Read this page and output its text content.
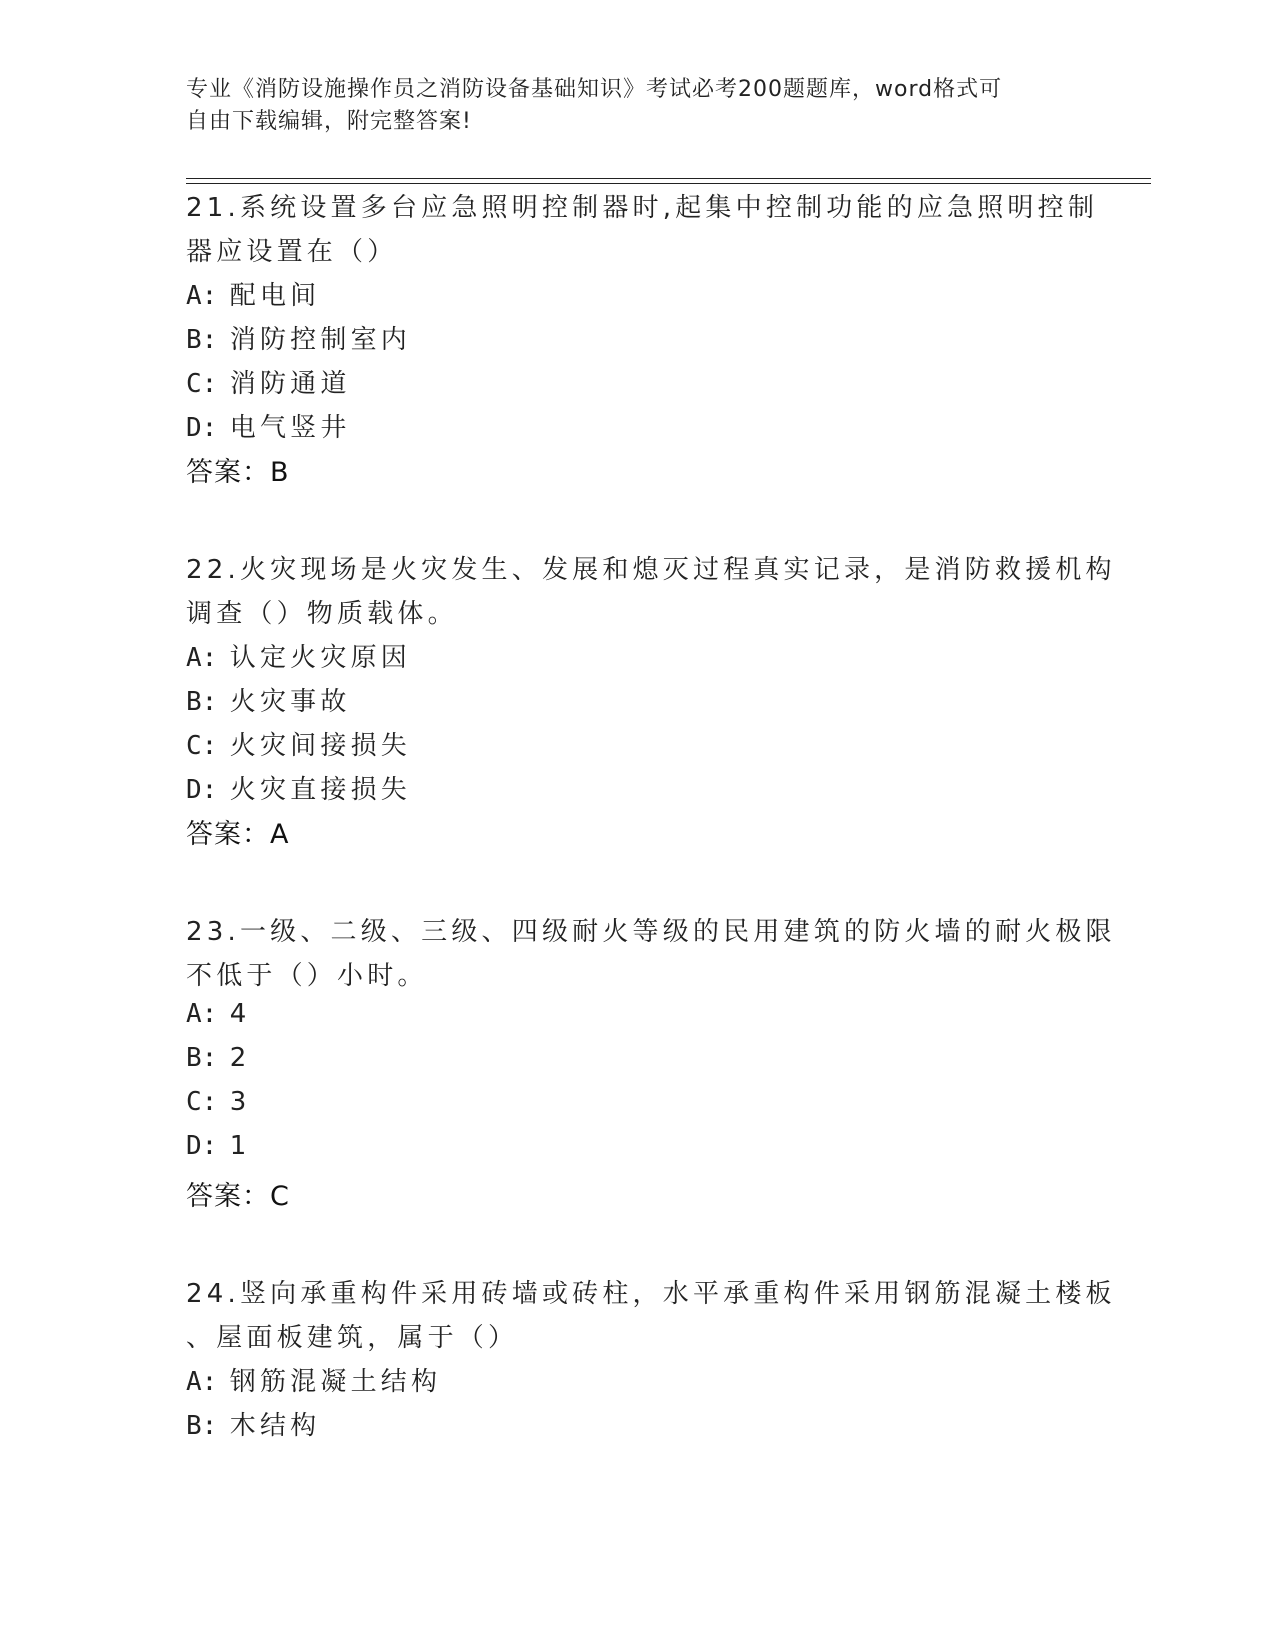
专业《消防设施操作员之消防设备基础知识》考试必考200题题库，word格式可
自由下载编辑，附完整答案!
21.系统设置多台应急照明控制器时,起集中控制功能的应急照明控制
器应设置在（）
A: 配电间
B: 消防控制室内
C: 消防通道
D: 电气竖井
答案：B
22.火灾现场是火灾发生、发展和熄灭过程真实记录，是消防救援机构
调查（）物质载体。
A: 认定火灾原因
B: 火灾事故
C: 火灾间接损失
D: 火灾直接损失
答案：A
23.一级、二级、三级、四级耐火等级的民用建筑的防火墙的耐火极限
不低于（）小时。
A: 4
B: 2
C: 3
D: 1
答案：C
24.竖向承重构件采用砖墙或砖柱，水平承重构件采用钢筋混凝土楼板
、屋面板建筑，属于（）
A: 钢筋混凝土结构
B: 木结构
